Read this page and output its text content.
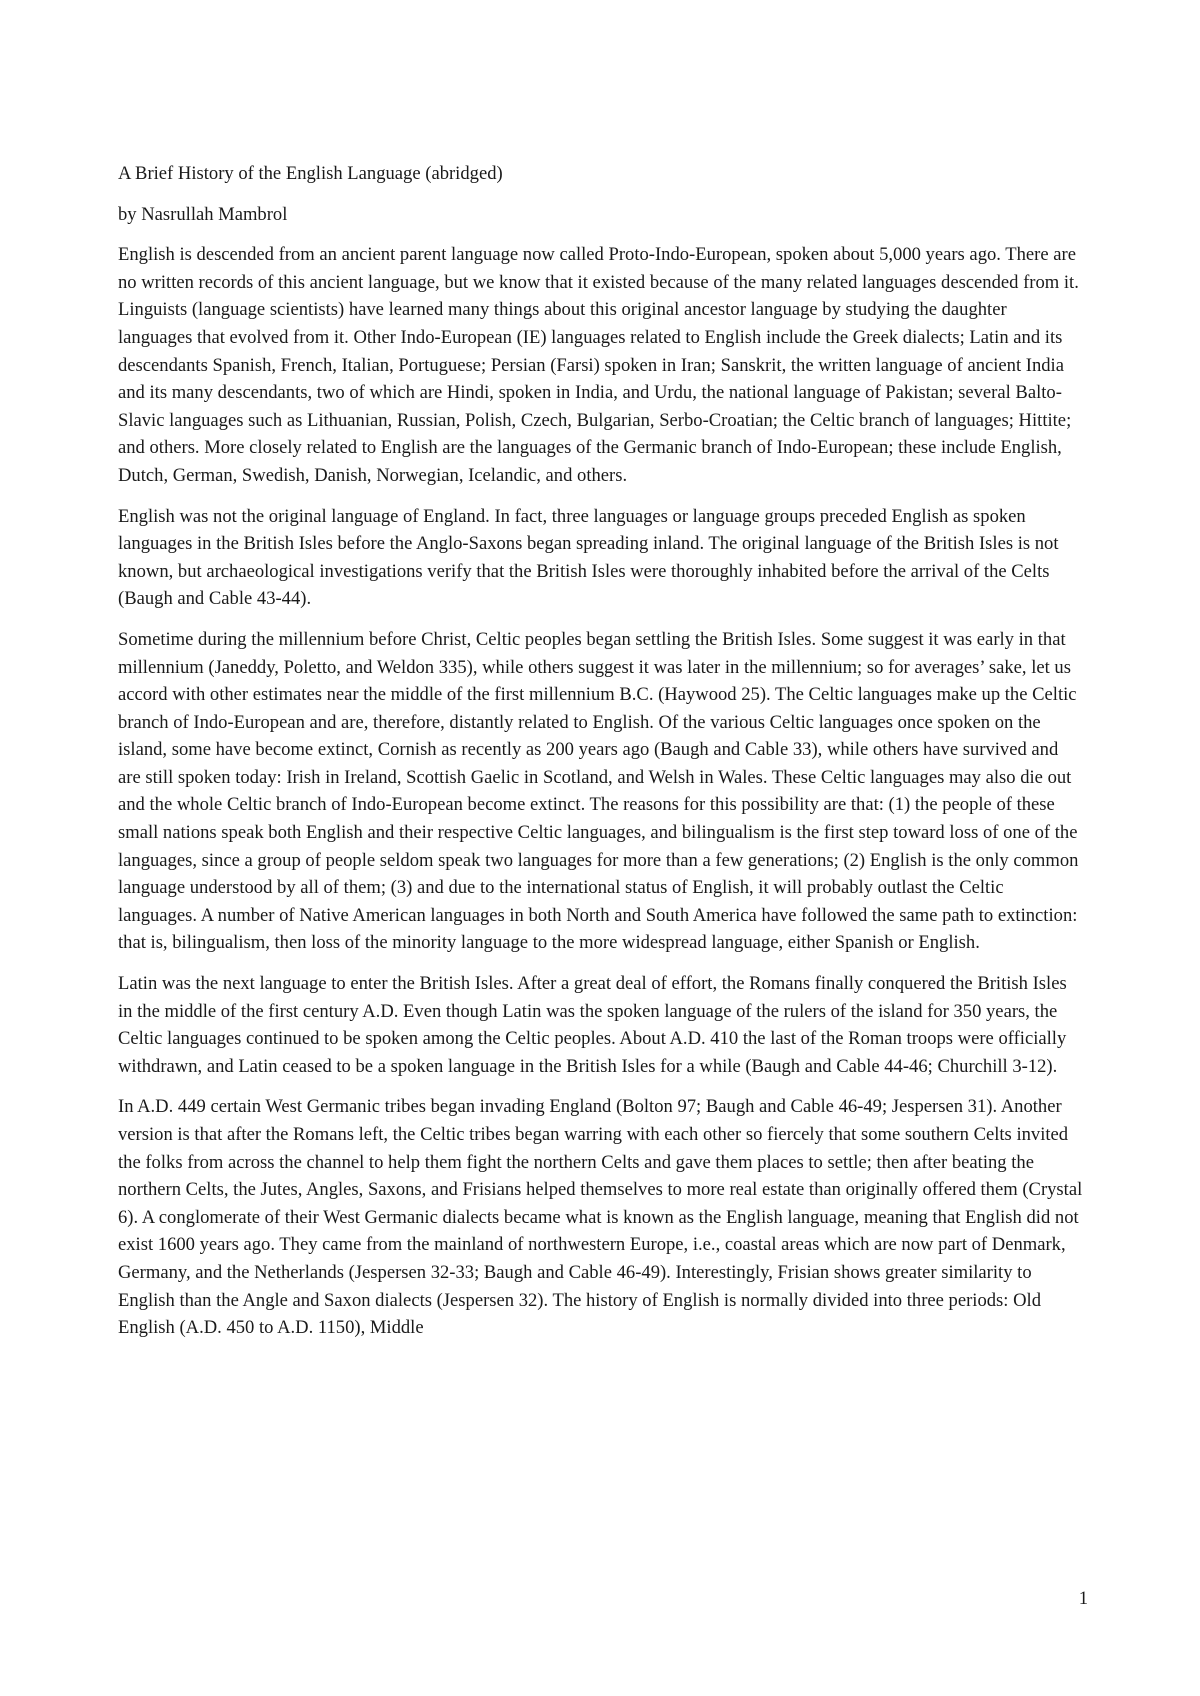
A Brief History of the English Language (abridged)

by Nasrullah Mambrol

English is descended from an ancient parent language now called Proto-Indo-European, spoken about 5,000 years ago. There are no written records of this ancient language, but we know that it existed because of the many related languages descended from it. Linguists (language scientists) have learned many things about this original ancestor language by studying the daughter languages that evolved from it. Other Indo-European (IE) languages related to English include the Greek dialects; Latin and its descendants Spanish, French, Italian, Portuguese; Persian (Farsi) spoken in Iran; Sanskrit, the written language of ancient India and its many descendants, two of which are Hindi, spoken in India, and Urdu, the national language of Pakistan; several Balto-Slavic languages such as Lithuanian, Russian, Polish, Czech, Bulgarian, Serbo-Croatian; the Celtic branch of languages; Hittite; and others. More closely related to English are the languages of the Germanic branch of Indo-European; these include English, Dutch, German, Swedish, Danish, Norwegian, Icelandic, and others.

English was not the original language of England. In fact, three languages or language groups preceded English as spoken languages in the British Isles before the Anglo-Saxons began spreading inland. The original language of the British Isles is not known, but archaeological investigations verify that the British Isles were thoroughly inhabited before the arrival of the Celts (Baugh and Cable 43-44).

Sometime during the millennium before Christ, Celtic peoples began settling the British Isles. Some suggest it was early in that millennium (Janeddy, Poletto, and Weldon 335), while others suggest it was later in the millennium; so for averages’ sake, let us accord with other estimates near the middle of the first millennium B.C. (Haywood 25). The Celtic languages make up the Celtic branch of Indo-European and are, therefore, distantly related to English. Of the various Celtic languages once spoken on the island, some have become extinct, Cornish as recently as 200 years ago (Baugh and Cable 33), while others have survived and are still spoken today: Irish in Ireland, Scottish Gaelic in Scotland, and Welsh in Wales. These Celtic languages may also die out and the whole Celtic branch of Indo-European become extinct. The reasons for this possibility are that: (1) the people of these small nations speak both English and their respective Celtic languages, and bilingualism is the first step toward loss of one of the languages, since a group of people seldom speak two languages for more than a few generations; (2) English is the only common language understood by all of them; (3) and due to the international status of English, it will probably outlast the Celtic languages. A number of Native American languages in both North and South America have followed the same path to extinction: that is, bilingualism, then loss of the minority language to the more widespread language, either Spanish or English.

Latin was the next language to enter the British Isles. After a great deal of effort, the Romans finally conquered the British Isles in the middle of the first century A.D. Even though Latin was the spoken language of the rulers of the island for 350 years, the Celtic languages continued to be spoken among the Celtic peoples. About A.D. 410 the last of the Roman troops were officially withdrawn, and Latin ceased to be a spoken language in the British Isles for a while (Baugh and Cable 44-46; Churchill 3-12).

In A.D. 449 certain West Germanic tribes began invading England (Bolton 97; Baugh and Cable 46-49; Jespersen 31). Another version is that after the Romans left, the Celtic tribes began warring with each other so fiercely that some southern Celts invited the folks from across the channel to help them fight the northern Celts and gave them places to settle; then after beating the northern Celts, the Jutes, Angles, Saxons, and Frisians helped themselves to more real estate than originally offered them (Crystal 6). A conglomerate of their West Germanic dialects became what is known as the English language, meaning that English did not exist 1600 years ago. They came from the mainland of northwestern Europe, i.e., coastal areas which are now part of Denmark, Germany, and the Netherlands (Jespersen 32-33; Baugh and Cable 46-49). Interestingly, Frisian shows greater similarity to English than the Angle and Saxon dialects (Jespersen 32). The history of English is normally divided into three periods: Old English (A.D. 450 to A.D. 1150), Middle

1
